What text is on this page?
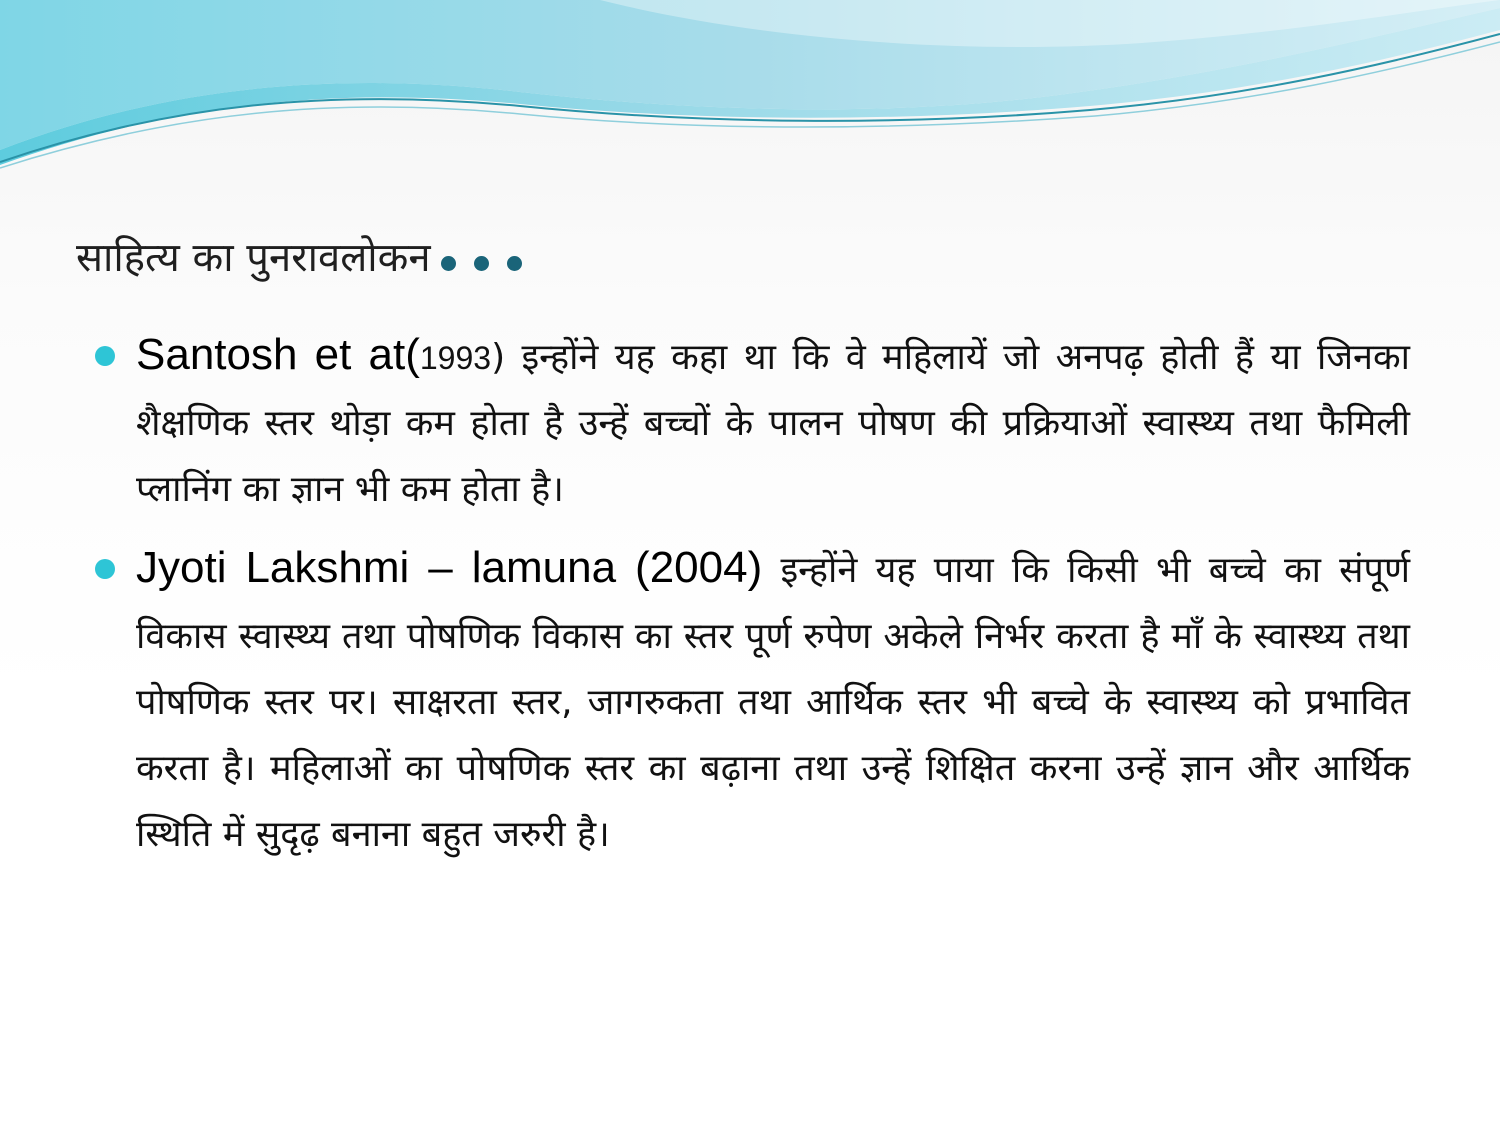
साहित्य का पुनरावलोकन
Santosh et at(1993) इन्होंने यह कहा था कि वे महिलायें जो अनपढ़ होती हैं या जिनका शैक्षणिक स्तर थोड़ा कम होता है उन्हें बच्चों के पालन पोषण की प्रक्रियाओं स्वास्थ्य तथा फैमिली प्लानिंग का ज्ञान भी कम होता है।
Jyoti Lakshmi – lamuna (2004) इन्होंने यह पाया कि किसी भी बच्चे का संपूर्ण विकास स्वास्थ्य तथा पोषणिक विकास का स्तर पूर्ण रुपेण अकेले निर्भर करता है माँ के स्वास्थ्य तथा पोषणिक स्तर पर। साक्षरता स्तर, जागरुकता तथा आर्थिक स्तर भी बच्चे के स्वास्थ्य को प्रभावित करता है। महिलाओं का पोषणिक स्तर का बढ़ाना तथा उन्हें शिक्षित करना उन्हें ज्ञान और आर्थिक स्थिति में सुदृढ़ बनाना बहुत जरुरी है।
